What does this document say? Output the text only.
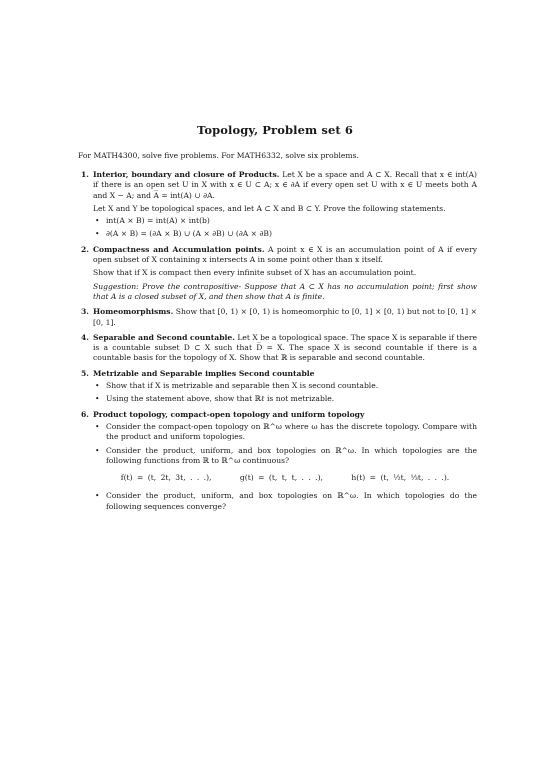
Topology, Problem set 6
For MATH4300, solve five problems. For MATH6332, solve six problems.
1. Interior, boundary and closure of Products. Let X be a space and A ⊂ X. Recall that x ∈ int(A) if there is an open set U in X with x ∈ U ⊂ A; x ∈ ∂A if every open set U with x ∈ U meets both A and X − A; and A̅ = int(A) ∪ ∂A.

Let X and Y be topological spaces, and let A ⊂ X and B ⊂ Y. Prove the following statements.

• int(A × B) = int(A) × int(b)
• ∂(A × B) = (∂A × B) ∪ (A × ∂B) ∪ (∂A × ∂B)
2. Compactness and Accumulation points. A point x ∈ X is an accumulation point of A if every open subset of X containing x intersects A in some point other than x itself.

Show that if X is compact then every infinite subset of X has an accumulation point.

Suggestion: Prove the contrapositive- Suppose that A ⊂ X has no accumulation point; first show that A is a closed subset of X, and then show that A is finite.

3. Homeomorphisms. Show that [0, 1) × [0, 1) is homeomorphic to [0, 1] × [0, 1) but not to [0, 1] × [0, 1].

4. Separable and Second countable. Let X be a topological space. The space X is separable if there is a countable subset D ⊂ X such that D̅ = X. The space X is second countable if there is a countable basis for the topology of X. Show that ℝ is separable and second countable.

5. Metrizable and Separable implies Second countable

• Show that if X is metrizable and separable then X is second countable.
• Using the statement above, show that ℝℓ is not metrizable.
6. Product topology, compact-open topology and uniform topology

• Consider the compact-open topology on ℝ^ω where ω has the discrete topology. Compare with the product and uniform topologies.
• Consider the product, uniform, and box topologies on ℝ^ω. In which topologies are the following functions from ℝ to ℝ^ω continuous?
f(t) = (t, 2t, 3t, . . .),	g(t) = (t, t, t, . . .),	h(t) = (t, ½t, ⅓t, . . .).
• Consider the product, uniform, and box topologies on ℝ^ω. In which topologies do the following sequences converge?
